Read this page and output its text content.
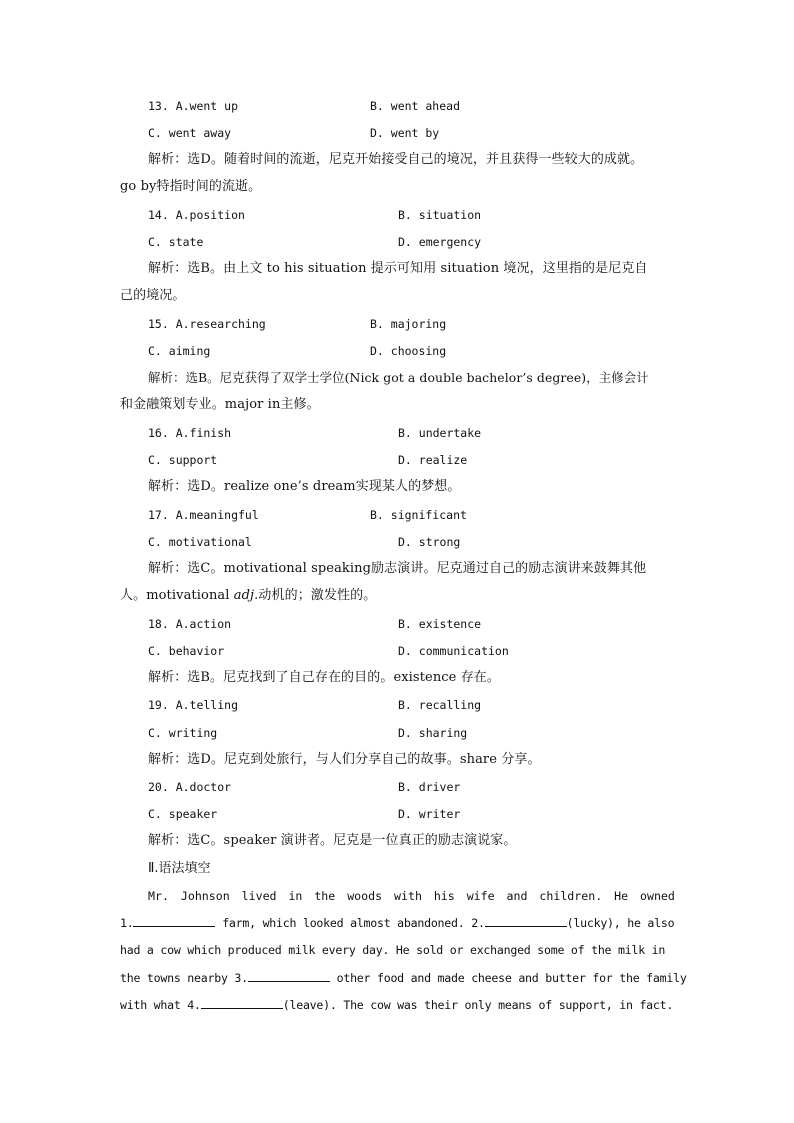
13. A.went up	B. went ahead
C. went away	D. went by
解析：选D。随着时间的流逝，尼克开始接受自己的境况，并且获得一些较大的成就。
go by特指时间的流逝。
14. A.position	B. situation
C. state	D. emergency
解析：选B。由上文 to his situation 提示可知用 situation 境况，这里指的是尼克自
己的境况。
15. A.researching	B. majoring
C. aiming	D. choosing
解析：选B。尼克获得了双学士学位(Nick got a double bachelor’s degree)，主修会计
和金融策划专业。major in主修。
16. A.finish	B. undertake
C. support	D. realize
解析：选D。realize one’s dream实现某人的梦想。
17. A.meaningful	B. significant
C. motivational	D. strong
解析：选C。motivational speaking励志演讲。尼克通过自己的励志演讲来鼓舞其他
人。motivational adj.动机的；激发性的。
18. A.action	B. existence
C. behavior	D. communication
解析：选B。尼克找到了自己存在的目的。existence 存在。
19. A.telling	B. recalling
C. writing	D. sharing
解析：选D。尼克到处旅行，与人们分享自己的故事。share 分享。
20. A.doctor	B. driver
C. speaker	D. writer
解析：选C。speaker 演讲者。尼克是一位真正的励志演说家。
Ⅱ.语法填空
Mr. Johnson lived in the woods with his wife and children. He owned
1.	farm, which looked almost abandoned. 2.	(lucky), he also
had a cow which produced milk every day. He sold or exchanged some of the milk in
the towns nearby 3.	other food and made cheese and butter for the family
with what 4.	(leave). The cow was their only means of support, in fact.
